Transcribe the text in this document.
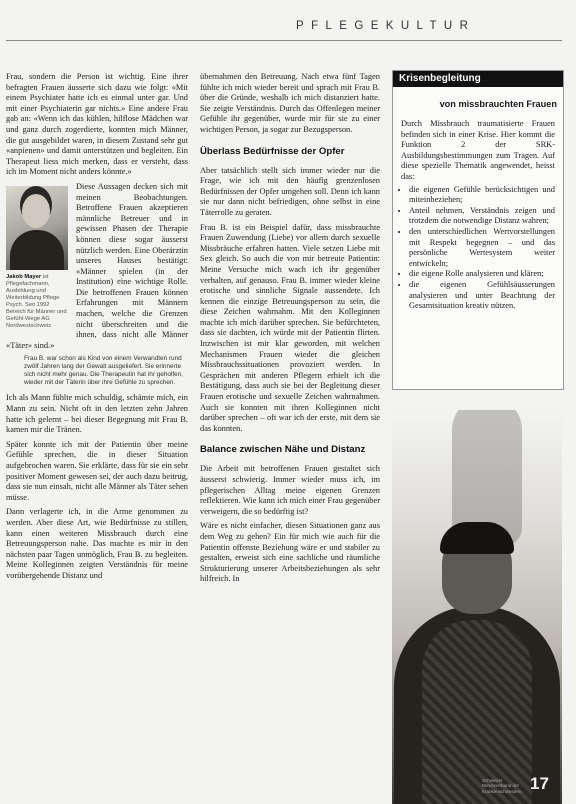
PFLEGEKULTUR

Frau, sondern die Person ist wichtig. Eine ihrer befragten Frauen äusserte sich dazu wie folgt: «Mit einem Psychiater hatte ich es einmal unter gar. Und mit einer Psychiaterin gar nichts.» Eine andere Frau gab an: «Wenn ich das kühlen, hilflose Mädchen war und ganz durch zogerdierte, konnten mich Männer, die gut ausgebildet waren, in diesem Zustand sehr gut «anpienen» und damit unterstützen und begleiten. Ein Therapeut liess mich merken, dass er versteht, dass ich im Moment nicht anders könnte.»

Jakob Mayer ist Pflegefachmann, Ausbildung und Weiterbildung Pflege Psych. Seit 1992 Bereich für Männer und Gefühl-Wege AG Nordwestschweiz

Diese Aussagen decken sich mit meinen Beobachtungen. Betroffene Frauen akzeptieren männliche Betreuer und in gewissen Phasen der Therapie können diese sogar äusserst nützlich werden. Eine Oberärztin unseres Hauses bestätigt: «Männer spielen (in der Institution) eine wichtige Rolle. Die betroffenen Frauen können Erfahrungen mit Männern machen, welche die Grenzen nicht überschreiten und die ihnen, dass nicht alle Männer «Täter» sind.»

Frau B. war schon als Kind von einem Verwandten rund zwölf Jahren lang der Gewalt ausgeliefert. Sie erinnerte sich nicht mehr genau. Die Therapeutin hat ihr geholfen, wieder mit der Täterin über ihre Gefühle zu sprechen.

Ich als Mann fühlte mich schuldig, schämte mich, ein Mann zu sein. Nicht oft in den letzten zehn Jahren hatte ich gelernt – bei dieser Begegnung mit Frau B. kamen mir die Tränen.

Später konnte ich mit der Patientin über meine Gefühle sprechen, die in dieser Situation aufgebrochen waren. Sie erklärte, dass für sie ein sehr positiver Moment gewesen sei, der auch dazu beitrug, dass sie nun einsah, nicht alle Männer als Täter sehen müsse.

Dann verlagerte ich, in die Arme genommen zu werden. Aber diese Art, wie Bedürfnisse zu stillen, kann einen weiteren Missbrauch durch eine Betreuungsperson nahe. Das machte es mir in den nächsten paar Tagen unmöglich, Frau B. zu begleiten. Meine Kolleginnen zeigten Verständnis für meine vorübergehende Distanz und

übernahmen den Betreuung. Nach etwa fünf Tagen fühlte ich mich wieder bereit und sprach mit Frau B. über die Gründe, weshalb ich mich distanziert hatte. Sie zeigte Verständnis. Durch das Offenlegen meiner Gefühle ihr gegenüber, wurde mir für sie zu einer wichtigen Person, ja sogar zur Bezugsperson.

Überlass Bedürfnisse der Opfer

Aber tatsächlich stellt sich immer wieder nur die Frage, wie ich mit den häufig grenzenlosen Bedürfnissen der Opfer umgehen soll. Denn ich kann sie nur dann nicht befriedigen, ohne selbst in eine Täterrolle zu geraten.

Frau B. ist ein Beispiel dafür, dass missbrauchte Frauen Zuwendung (Liebe) vor allem durch sexuelle Missbräuche erfahren hatten. Viele setzen Liebe mit Sex gleich. So auch die von mir betreute Patientin: Meine Versuche mich wach ich ihr gegenüber verhalten, auf genauso. Frau B. immer wieder kleine erotische und sinnliche Signale aussendete. Ich kennen die einzige Betreuungsperson zu sein, die diese Zeichen wahrnahm. Mit den Kolleginnen machte ich mich darüber sprechen. Sie befürchteten, dass sie dachten, ich würde mit der Patientin flirten. Inzwischen ist mir klar geworden, mit welchen Mechanismen Frauen wieder die gleichen Missbrauchssituationen provoziert werden. In Gesprächen mit anderen Pflegern erhielt ich die Bestätigung, dass auch sie bei der Begleitung dieser Frauen erotische und sexuelle Zeichen wahrnahmen. Auch sie konnten mit ihren Kolleginnen nicht darüber sprechen – oft war ich der erste, mit dem sie das konnten.

Balance zwischen Nähe und Distanz

Die Arbeit mit betroffenen Frauen gestaltet sich äusserst schwierig. Immer wieder muss ich, im pflegerischen Alltag meine eigenen Grenzen reflektieren. Wie kann ich mich einer Frau gegenüber verweigern, die so bedürftig ist?

Wäre es nicht einfacher, diesen Situationen ganz aus dem Weg zu gehen? Ein für mich wie auch für die Patientin offenste Beziehung wäre er und stabiler zu gestalten, erweist sich eine sachliche und räumliche Strukturierung unserer Arbeitsbeziehungen als sehr hilfreich. In

Krisenbegleitung
von missbrauchten Frauen

Durch Missbrauch traumatisierte Frauen befinden sich in einer Krise. Hier kommt die Funktion 2 der SRK-Ausbildungsbestimmungen zum Tragen. Auf diese spezielle Thematik angewendet, heisst das:

• die eigenen Gefühle berücksichtigen und miteinbeziehen;
• Anteil nehmen, Verständnis zeigen und trotzdem die notwendige Distanz wahren;
• den unterschiedlichen Wertvorstellungen mit Respekt begegnen – und das persönliche Wertesystem weiter entwickeln;
• die eigene Rolle analysieren und klären;
• die eigenen Gefühlsäusserungen analysieren und unter Beachtung der Gesamtsituation kreativ nützen.
Schweizer Berufsverband der Krankenschwestern 17
